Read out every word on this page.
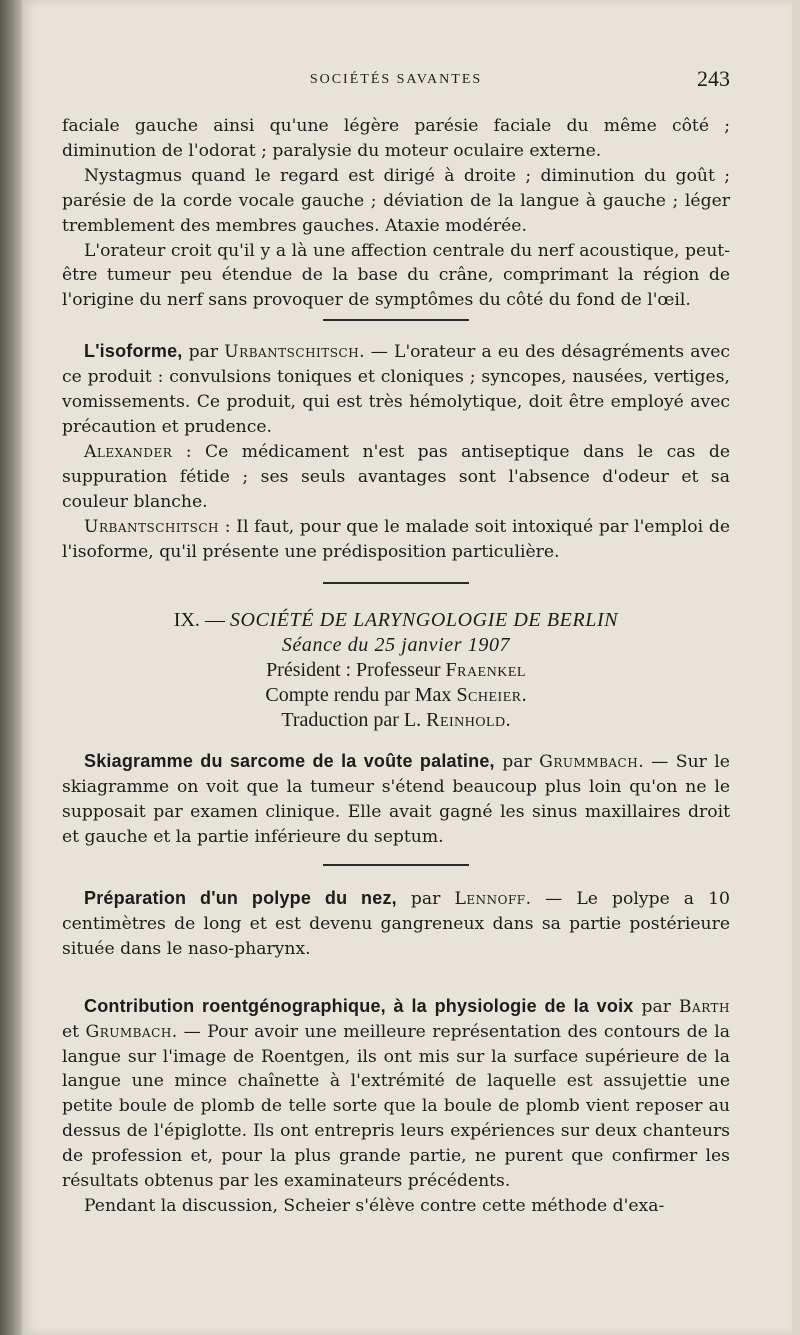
SOCIÉTÉS SAVANTES	243

faciale gauche ainsi qu'une légère parésie faciale du même côté ; diminution de l'odorat ; paralysie du moteur oculaire externe.

Nystagmus quand le regard est dirigé à droite ; diminution du goût ; parésie de la corde vocale gauche ; déviation de la langue à gauche ; léger tremblement des membres gauches. Ataxie modérée.

L'orateur croit qu'il y a là une affection centrale du nerf acoustique, peut-être tumeur peu étendue de la base du crâne, comprimant la région de l'origine du nerf sans provoquer de symptômes du côté du fond de l'œil.

L'isoforme, par Urbantschitsch. — L'orateur a eu des désagréments avec ce produit : convulsions toniques et cloniques ; syncopes, nausées, vertiges, vomissements. Ce produit, qui est très hémolytique, doit être employé avec précaution et prudence.

Alexander : Ce médicament n'est pas antiseptique dans le cas de suppuration fétide ; ses seuls avantages sont l'absence d'odeur et sa couleur blanche.

Urbantschitsch : Il faut, pour que le malade soit intoxiqué par l'emploi de l'isoforme, qu'il présente une prédisposition particulière.

IX. — SOCIÉTÉ DE LARYNGOLOGIE DE BERLIN
Séance du 25 janvier 1907
Président : Professeur Fraenkel
Compte rendu par Max Scheier.
Traduction par L. Reinhold.

Skiagramme du sarcome de la voûte palatine, par Grummbach. — Sur le skiagramme on voit que la tumeur s'étend beaucoup plus loin qu'on ne le supposait par examen clinique. Elle avait gagné les sinus maxillaires droit et gauche et la partie inférieure du septum.

Préparation d'un polype du nez, par Lennoff. — Le polype a 10 centimètres de long et est devenu gangreneux dans sa partie postérieure située dans le naso-pharynx.

Contribution roentgénographique, à la physiologie de la voix par Barth et Grumbach. — Pour avoir une meilleure représentation des contours de la langue sur l'image de Roentgen, ils ont mis sur la surface supérieure de la langue une mince chaînette à l'extrémité de laquelle est assujettie une petite boule de plomb de telle sorte que la boule de plomb vient reposer au dessus de l'épiglotte. Ils ont entrepris leurs expériences sur deux chanteurs de profession et, pour la plus grande partie, ne purent que confirmer les résultats obtenus par les examinateurs précédents.

Pendant la discussion, Scheier s'élève contre cette méthode d'exa-
